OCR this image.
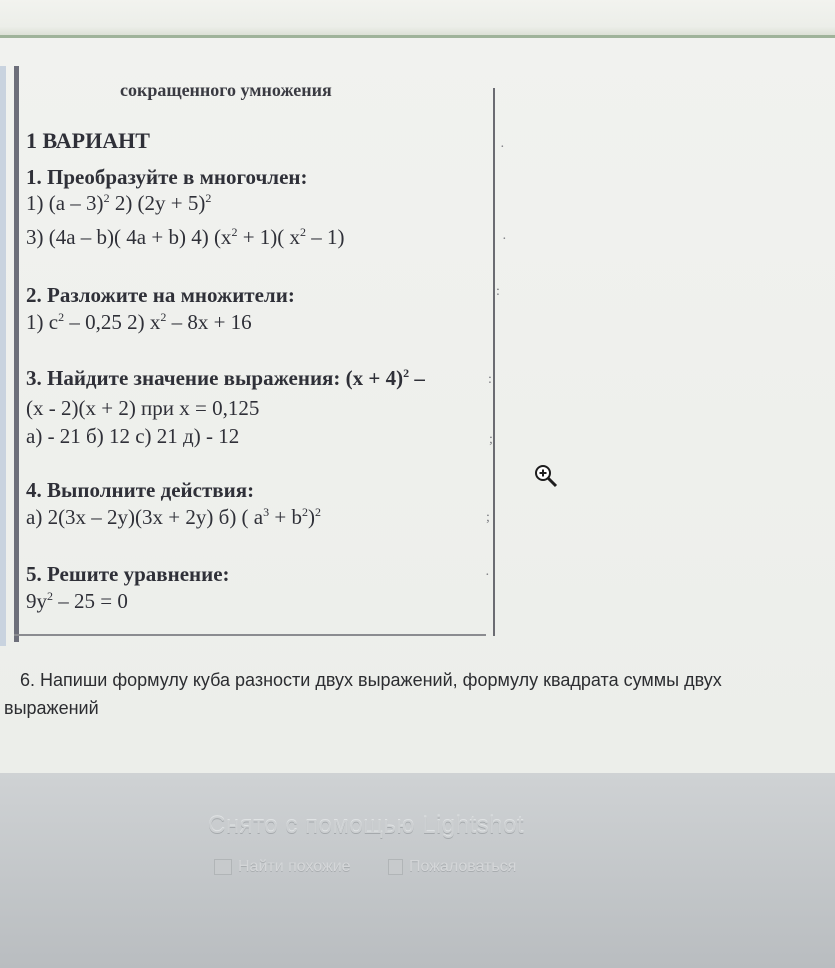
сокращенного умножения
1 ВАРИАНТ
1. Преобразуйте в многочлен:
1) (a – 3)$^2$ 2) $(2y + 5)^2$
3) (4a – b)( 4a + b) 4) $(x^2 + 1)$( $x^2 - 1$)
2. Разложите на множители:
1) $c^2 - 0,25$ 2) $x^2 - 8x + 16$
3. Найдите значение выражения: $(x + 4)^2$ –
(x - 2)(x + 2) при x = 0,125
а) - 21 б) 12 с) 21 д) - 12
4. Выполните действия:
а) 2(3x – 2y)(3x + 2y) б) ( $a^3 + b^2)^2$
5. Решите уравнение:
$9y^2 - 25 = 0$
·
·
:
:
;
;
·
6. Напиши формулу куба разности двух выражений, формулу квадрата суммы двух
выражений
Снято с помощью Lightshot
Найти похожие	Пожаловаться
